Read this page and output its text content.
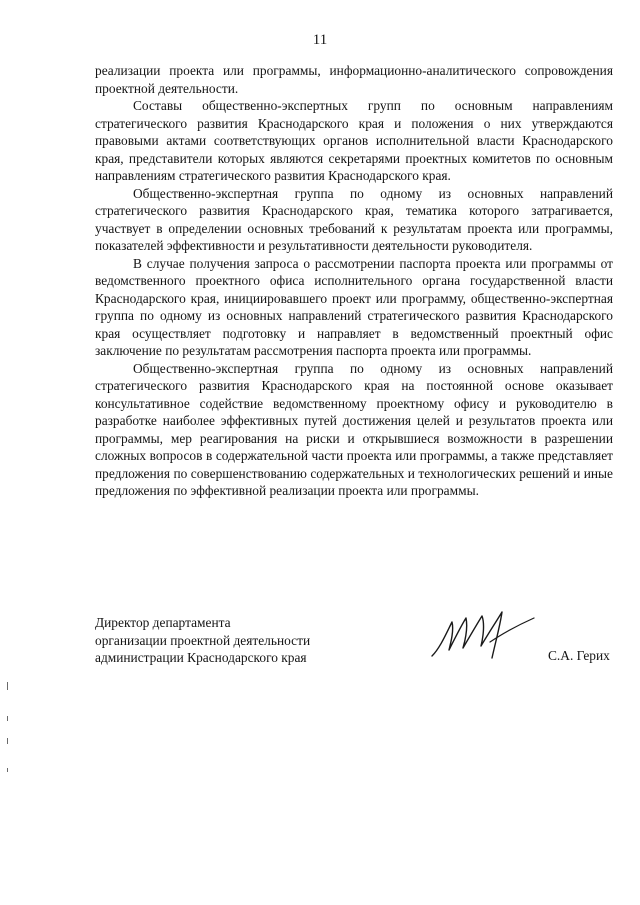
11

реализации проекта или программы, информационно-аналитического сопровождения проектной деятельности.

Составы общественно-экспертных групп по основным направлениям стратегического развития Краснодарского края и положения о них утверждаются правовыми актами соответствующих органов исполнительной власти Краснодарского края, представители которых являются секретарями проектных комитетов по основным направлениям стратегического развития Краснодарского края.

Общественно-экспертная группа по одному из основных направлений стратегического развития Краснодарского края, тематика которого затрагивается, участвует в определении основных требований к результатам проекта или программы, показателей эффективности и результативности деятельности руководителя.

В случае получения запроса о рассмотрении паспорта проекта или программы от ведомственного проектного офиса исполнительного органа государственной власти Краснодарского края, инициировавшего проект или программу, общественно-экспертная группа по одному из основных направлений стратегического развития Краснодарского края осуществляет подготовку и направляет в ведомственный проектный офис заключение по результатам рассмотрения паспорта проекта или программы.

Общественно-экспертная группа по одному из основных направлений стратегического развития Краснодарского края на постоянной основе оказывает консультативное содействие ведомственному проектному офису и руководителю в разработке наиболее эффективных путей достижения целей и результатов проекта или программы, мер реагирования на риски и открывшиеся возможности в разрешении сложных вопросов в содержательной части проекта или программы, а также представляет предложения по совершенствованию содержательных и технологических решений и иные предложения по эффективной реализации проекта или программы.

Директор департамента
организации проектной деятельности
администрации Краснодарского края	С.А. Герих
